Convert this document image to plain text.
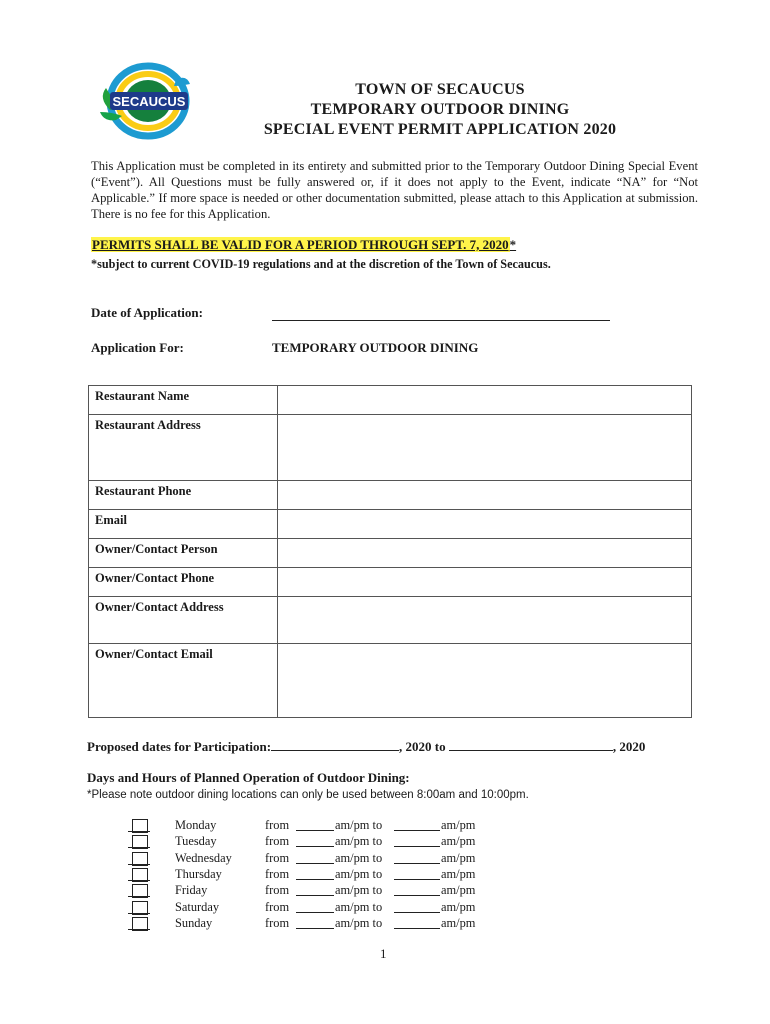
SECAUCUS
TOWN OF SECAUCUS
TEMPORARY OUTDOOR DINING
SPECIAL EVENT PERMIT APPLICATION 2020
This Application must be completed in its entirety and submitted prior to the Temporary Outdoor Dining Special Event (“Event”). All Questions must be fully answered or, if it does not apply to the Event, indicate “NA” for “Not Applicable.” If more space is needed or other documentation submitted, please attach to this Application at submission. There is no fee for this Application.
PERMITS SHALL BE VALID FOR A PERIOD THROUGH SEPT. 7, 2020*
*subject to current COVID-19 regulations and at the discretion of the Town of Secaucus.
Date of Application:
Application For:	TEMPORARY OUTDOOR DINING
Restaurant Name	
Restaurant Address	
Restaurant Phone	
Email	
Owner/Contact Person	
Owner/Contact Phone	
Owner/Contact Address	
Owner/Contact Email	
Proposed dates for Participation:	, 2020 to	, 2020
Days and Hours of Planned Operation of Outdoor Dining:
*Please note outdoor dining locations can only be used between 8:00am and 10:00pm.
Monday	from	am/pm to	am/pm
Tuesday	from	am/pm to	am/pm
Wednesday	from	am/pm to	am/pm
Thursday	from	am/pm to	am/pm
Friday	from	am/pm to	am/pm
Saturday	from	am/pm to	am/pm
Sunday	from	am/pm to	am/pm
1
